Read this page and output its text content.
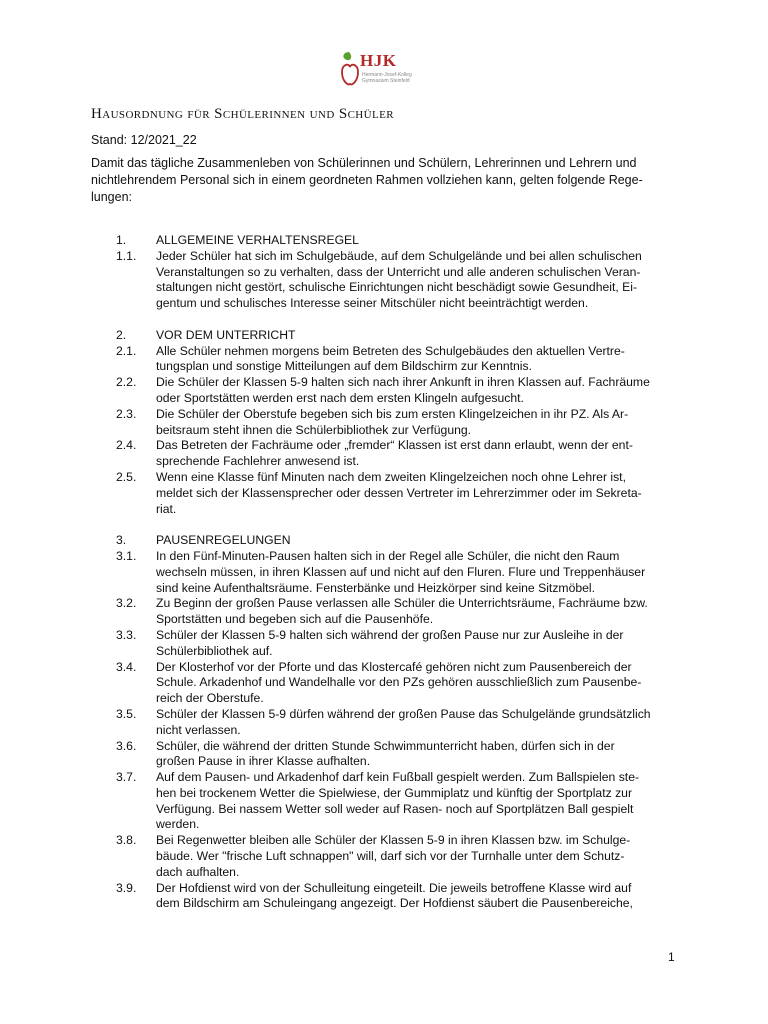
HJK
Hermann-Josef-Kolleg
Gymnasium Steinfeld
Hausordnung für Schülerinnen und Schüler
Stand: 12/2021_22
Damit das tägliche Zusammenleben von Schülerinnen und Schülern, Lehrerinnen und Lehrern und
nichtlehrendem Personal sich in einem geordneten Rahmen vollziehen kann, gelten folgende Rege-
lungen:
1. ALLGEMEINE VERHALTENSREGEL
1.1. Jeder Schüler hat sich im Schulgebäude, auf dem Schulgelände und bei allen schulischen
Veranstaltungen so zu verhalten, dass der Unterricht und alle anderen schulischen Veran-
staltungen nicht gestört, schulische Einrichtungen nicht beschädigt sowie Gesundheit, Ei-
gentum und schulisches Interesse seiner Mitschüler nicht beeinträchtigt werden.
2. VOR DEM UNTERRICHT
2.1. Alle Schüler nehmen morgens beim Betreten des Schulgebäudes den aktuellen Vertre-
tungsplan und sonstige Mitteilungen auf dem Bildschirm zur Kenntnis.
2.2. Die Schüler der Klassen 5-9 halten sich nach ihrer Ankunft in ihren Klassen auf. Fachräume
oder Sportstätten werden erst nach dem ersten Klingeln aufgesucht.
2.3. Die Schüler der Oberstufe begeben sich bis zum ersten Klingelzeichen in ihr PZ. Als Ar-
beitsraum steht ihnen die Schülerbibliothek zur Verfügung.
2.4. Das Betreten der Fachräume oder „fremder“ Klassen ist erst dann erlaubt, wenn der ent-
sprechende Fachlehrer anwesend ist.
2.5. Wenn eine Klasse fünf Minuten nach dem zweiten Klingelzeichen noch ohne Lehrer ist,
meldet sich der Klassensprecher oder dessen Vertreter im Lehrerzimmer oder im Sekreta-
riat.
3. PAUSENREGELUNGEN
3.1. In den Fünf-Minuten-Pausen halten sich in der Regel alle Schüler, die nicht den Raum
wechseln müssen, in ihren Klassen auf und nicht auf den Fluren. Flure und Treppenhäuser
sind keine Aufenthaltsräume. Fensterbänke und Heizkörper sind keine Sitzmöbel.
3.2. Zu Beginn der großen Pause verlassen alle Schüler die Unterrichtsräume, Fachräume bzw.
Sportstätten und begeben sich auf die Pausenhöfe.
3.3. Schüler der Klassen 5-9 halten sich während der großen Pause nur zur Ausleihe in der
Schülerbibliothek auf.
3.4. Der Klosterhof vor der Pforte und das Klostercafé gehören nicht zum Pausenbereich der
Schule. Arkadenhof und Wandelhalle vor den PZs gehören ausschließlich zum Pausenbe-
reich der Oberstufe.
3.5. Schüler der Klassen 5-9 dürfen während der großen Pause das Schulgelände grundsätzlich
nicht verlassen.
3.6. Schüler, die während der dritten Stunde Schwimmunterricht haben, dürfen sich in der
großen Pause in ihrer Klasse aufhalten.
3.7. Auf dem Pausen- und Arkadenhof darf kein Fußball gespielt werden. Zum Ballspielen ste-
hen bei trockenem Wetter die Spielwiese, der Gummiplatz und künftig der Sportplatz zur
Verfügung. Bei nassem Wetter soll weder auf Rasen- noch auf Sportplätzen Ball gespielt
werden.
3.8. Bei Regenwetter bleiben alle Schüler der Klassen 5-9 in ihren Klassen bzw. im Schulge-
bäude. Wer "frische Luft schnappen" will, darf sich vor der Turnhalle unter dem Schutz-
dach aufhalten.
3.9. Der Hofdienst wird von der Schulleitung eingeteilt. Die jeweils betroffene Klasse wird auf
dem Bildschirm am Schuleingang angezeigt. Der Hofdienst säubert die Pausenbereiche,
1
